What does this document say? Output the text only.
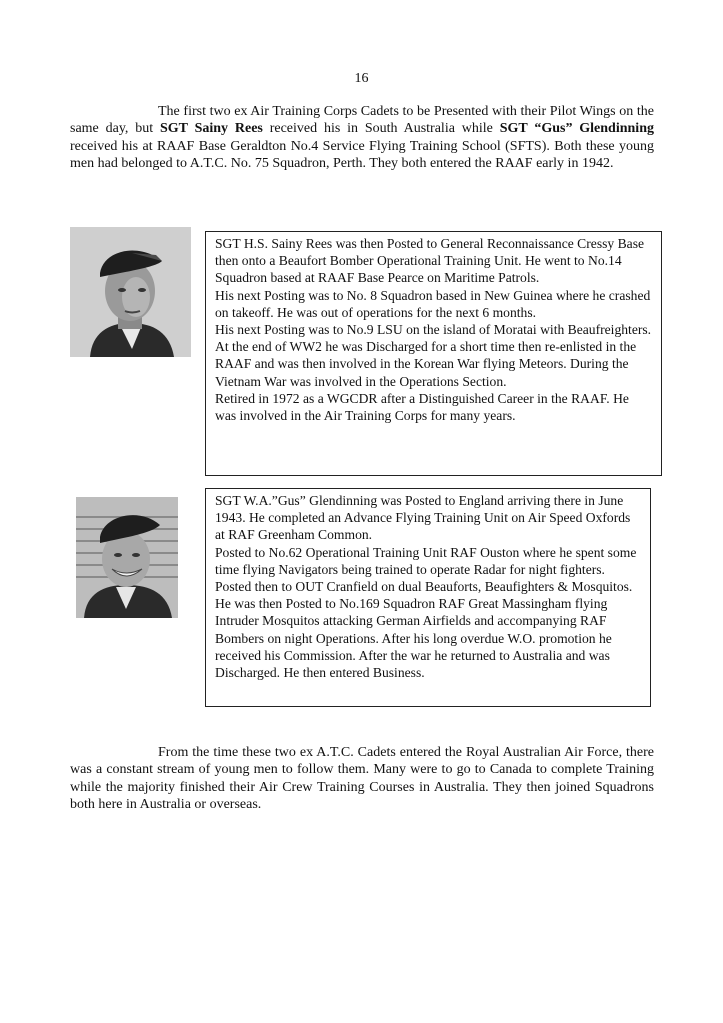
16
The first two ex Air Training Corps Cadets to be Presented with their Pilot Wings on the same day, but SGT Sainy Rees received his in South Australia while SGT “Gus” Glendinning received his at RAAF Base Geraldton No.4 Service Flying Training School (SFTS). Both these young men had belonged to A.T.C. No. 75 Squadron, Perth. They both entered the RAAF early in 1942.

SGT H.S. Sainy Rees was then Posted to General Reconnaissance Cressy Base then onto a Beaufort Bomber Operational Training Unit. He went to No.14 Squadron based at RAAF Base Pearce on Maritime Patrols.

His next Posting was to No. 8 Squadron based in New Guinea where he crashed on takeoff. He was out of operations for the next 6 months.

His next Posting was to No.9 LSU on the island of Moratai with Beaufreighters. At the end of WW2 he was Discharged for a short time then re-enlisted in the RAAF and was then involved in the Korean War flying Meteors. During the Vietnam War was involved in the Operations Section.

Retired in 1972 as a WGCDR after a Distinguished Career in the RAAF. He was involved in the Air Training Corps for many years.

SGT W.A.”Gus” Glendinning was Posted to England arriving there in June 1943. He completed an Advance Flying Training Unit on Air Speed Oxfords at RAF Greenham Common.

Posted to No.62 Operational Training Unit RAF Ouston where he spent some time flying Navigators being trained to operate Radar for night fighters.

Posted then to OUT Cranfield on dual Beauforts, Beaufighters & Mosquitos. He was then Posted to No.169 Squadron RAF Great Massingham flying Intruder Mosquitos attacking German Airfields and accompanying RAF Bombers on night Operations. After his long overdue W.O. promotion he received his Commission. After the war he returned to Australia and was Discharged. He then entered Business.

From the time these two ex A.T.C. Cadets entered the Royal Australian Air Force, there was a constant stream of young men to follow them. Many were to go to Canada to complete Training while the majority finished their Air Crew Training Courses in Australia. They then joined Squadrons both here in Australia or overseas.
